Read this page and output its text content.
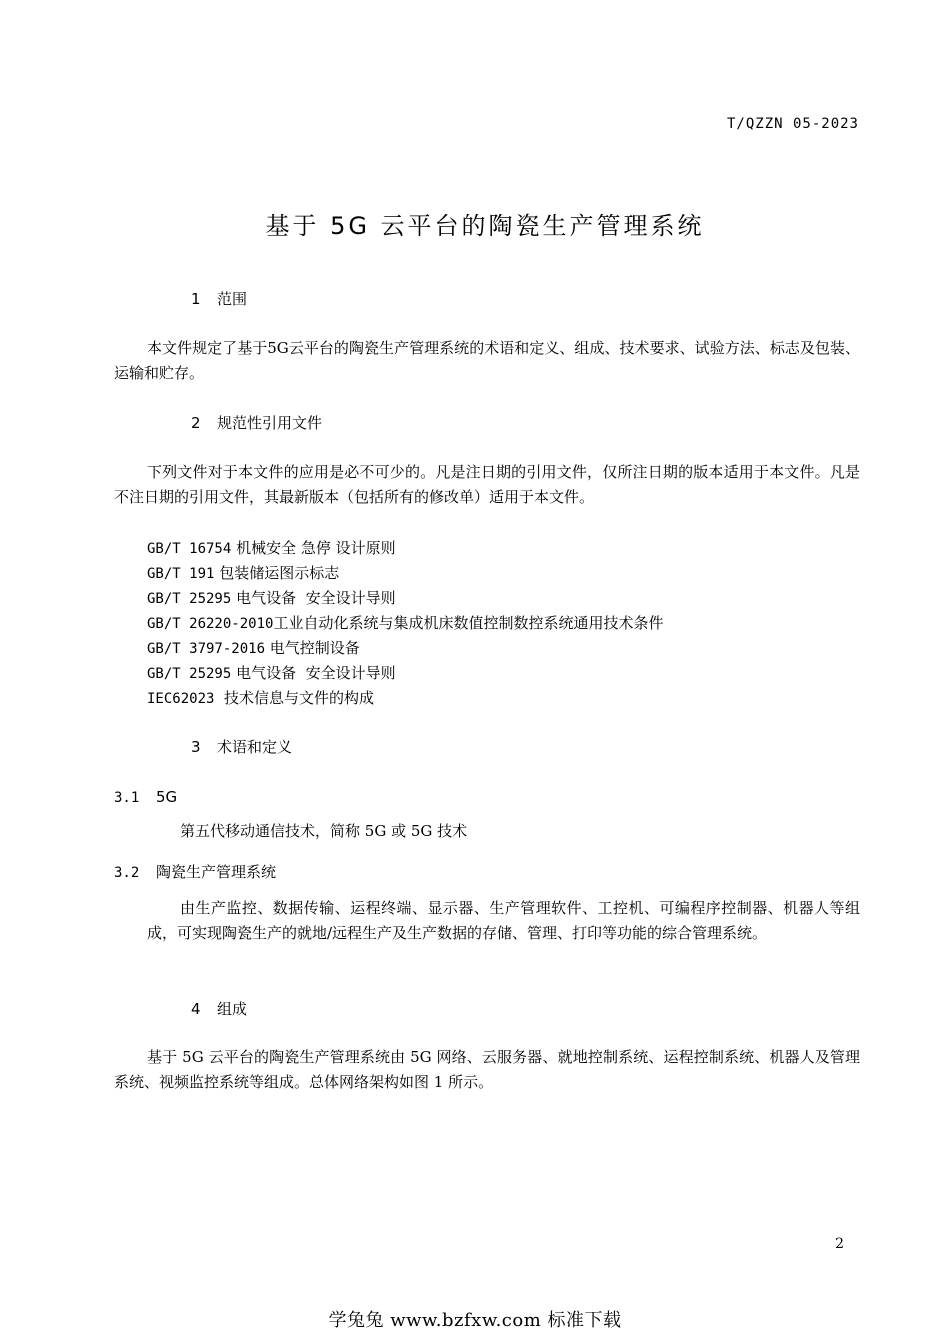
T/QZZN 05-2023
基于 5G 云平台的陶瓷生产管理系统
1 范围
本文件规定了基于5G云平台的陶瓷生产管理系统的术语和定义、组成、技术要求、试验方法、标志及包装、运输和贮存。
2 规范性引用文件
下列文件对于本文件的应用是必不可少的。凡是注日期的引用文件，仅所注日期的版本适用于本文件。凡是不注日期的引用文件，其最新版本（包括所有的修改单）适用于本文件。
GB/T 16754 机械安全 急停 设计原则
GB/T 191 包装储运图示标志
GB/T 25295 电气设备  安全设计导则
GB/T 26220-2010工业自动化系统与集成机床数值控制数控系统通用技术条件
GB/T 3797-2016 电气控制设备
GB/T 25295 电气设备  安全设计导则
IEC62023  技术信息与文件的构成
3 术语和定义
3.1 5G
第五代移动通信技术，简称 5G 或 5G 技术
3.2 陶瓷生产管理系统
由生产监控、数据传输、运程终端、显示器、生产管理软件、工控机、可编程序控制器、机器人等组成，可实现陶瓷生产的就地/远程生产及生产数据的存储、管理、打印等功能的综合管理系统。
4 组成
基于 5G 云平台的陶瓷生产管理系统由 5G 网络、云服务器、就地控制系统、运程控制系统、机器人及管理系统、视频监控系统等组成。总体网络架构如图 1 所示。
2
学兔兔 www.bzfxw.com 标准下载
